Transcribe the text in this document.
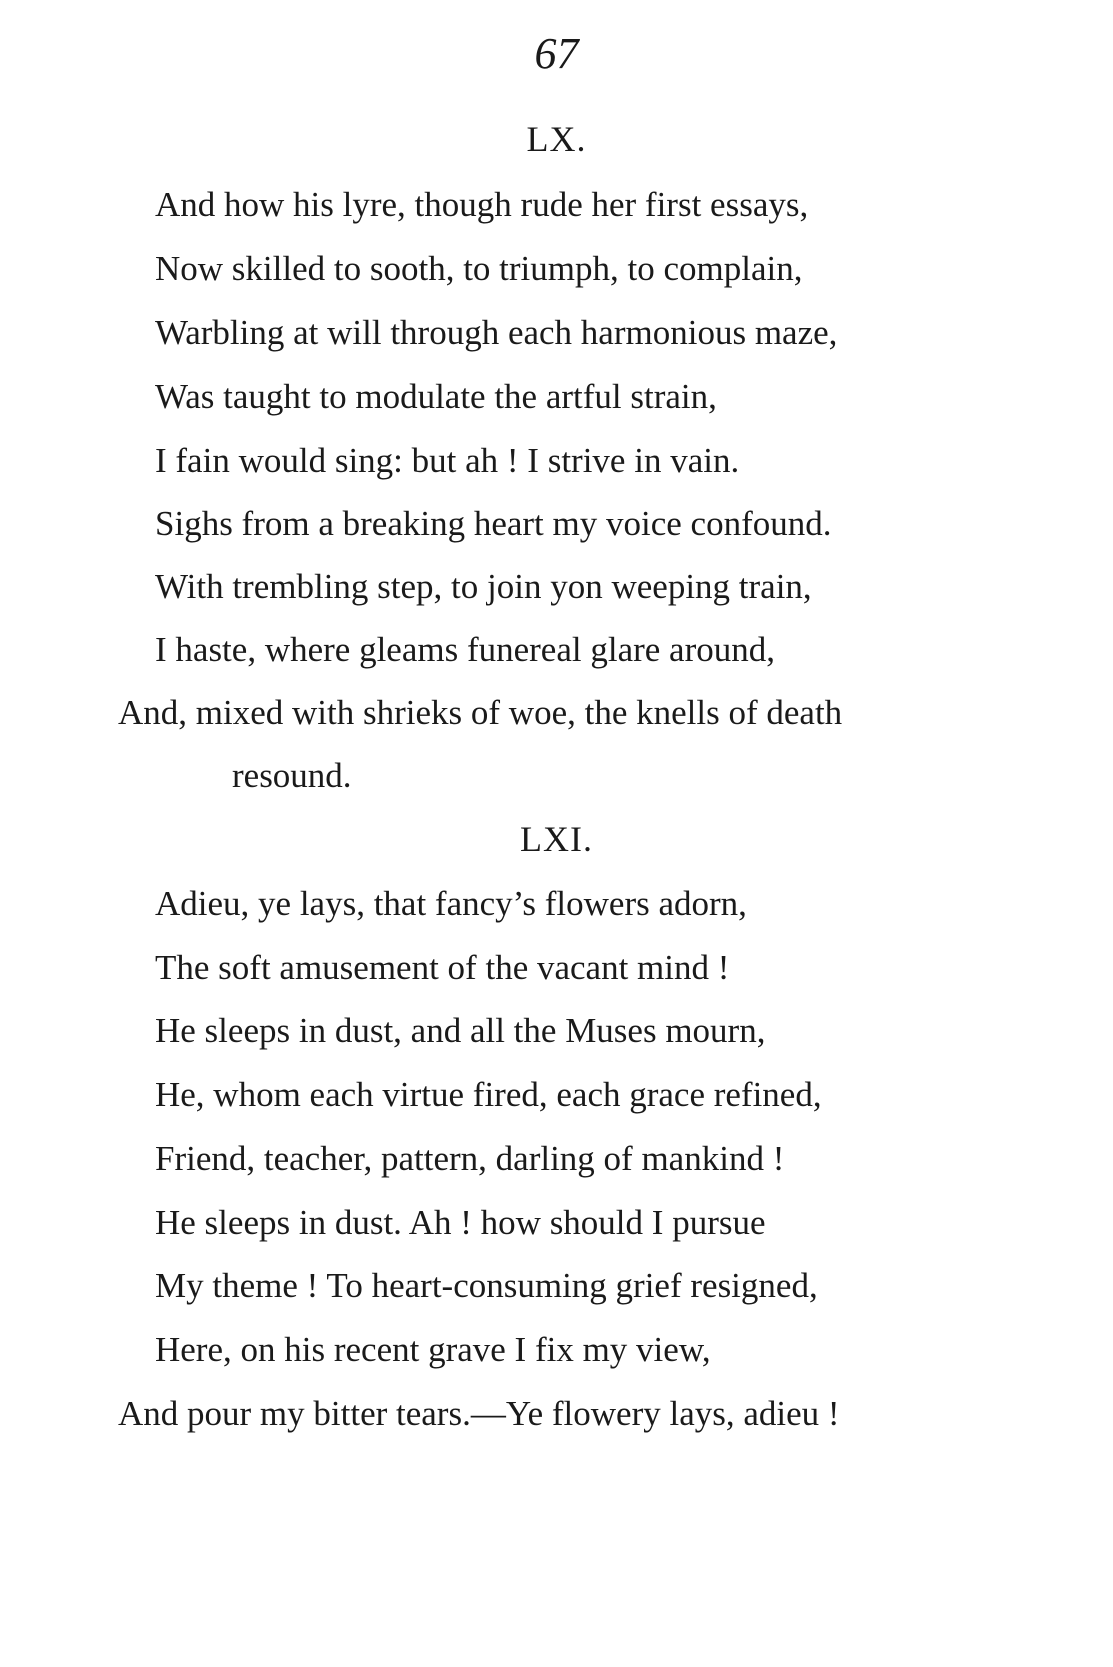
67
LX.
And how his lyre, though rude her first essays,
Now skilled to sooth, to triumph, to complain,
Warbling at will through each harmonious maze,
Was taught to modulate the artful strain,
I fain would sing: but ah ! I strive in vain.
Sighs from a breaking heart my voice confound.
With trembling step, to join yon weeping train,
I haste, where gleams funereal glare around,
And, mixed with shrieks of woe, the knells of death
resound.
LXI.
Adieu, ye lays, that fancy’s flowers adorn,
The soft amusement of the vacant mind !
He sleeps in dust, and all the Muses mourn,
He, whom each virtue fired, each grace refined,
Friend, teacher, pattern, darling of mankind !
He sleeps in dust. Ah ! how should I pursue
My theme ! To heart-consuming grief resigned,
Here, on his recent grave I fix my view,
And pour my bitter tears.—Ye flowery lays, adieu !
